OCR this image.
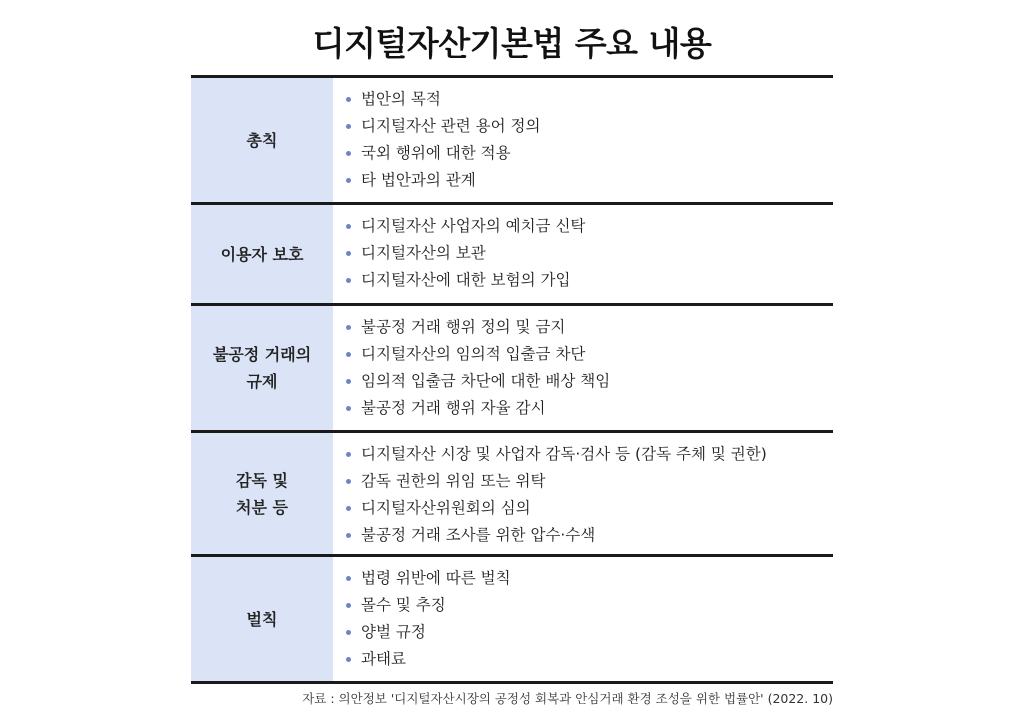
디지털자산기본법 주요 내용
총칙
법안의 목적
디지털자산 관련 용어 정의
국외 행위에 대한 적용
타 법안과의 관계
이용자 보호
디지털자산 사업자의 예치금 신탁
디지털자산의 보관
디지털자산에 대한 보험의 가입
불공정 거래의
규제
불공정 거래 행위 정의 및 금지
디지털자산의 임의적 입출금 차단
임의적 입출금 차단에 대한 배상 책임
불공정 거래 행위 자율 감시
감독 및
처분 등
디지털자산 시장 및 사업자 감독·검사 등 (감독 주체 및 권한)
감독 권한의 위임 또는 위탁
디지털자산위원회의 심의
불공정 거래 조사를 위한 압수·수색
벌칙
법령 위반에 따른 벌칙
몰수 및 추징
양벌 규정
과태료
자료 : 의안정보 '디지털자산시장의 공정성 회복과 안심거래 환경 조성을 위한 법률안' (2022. 10)
